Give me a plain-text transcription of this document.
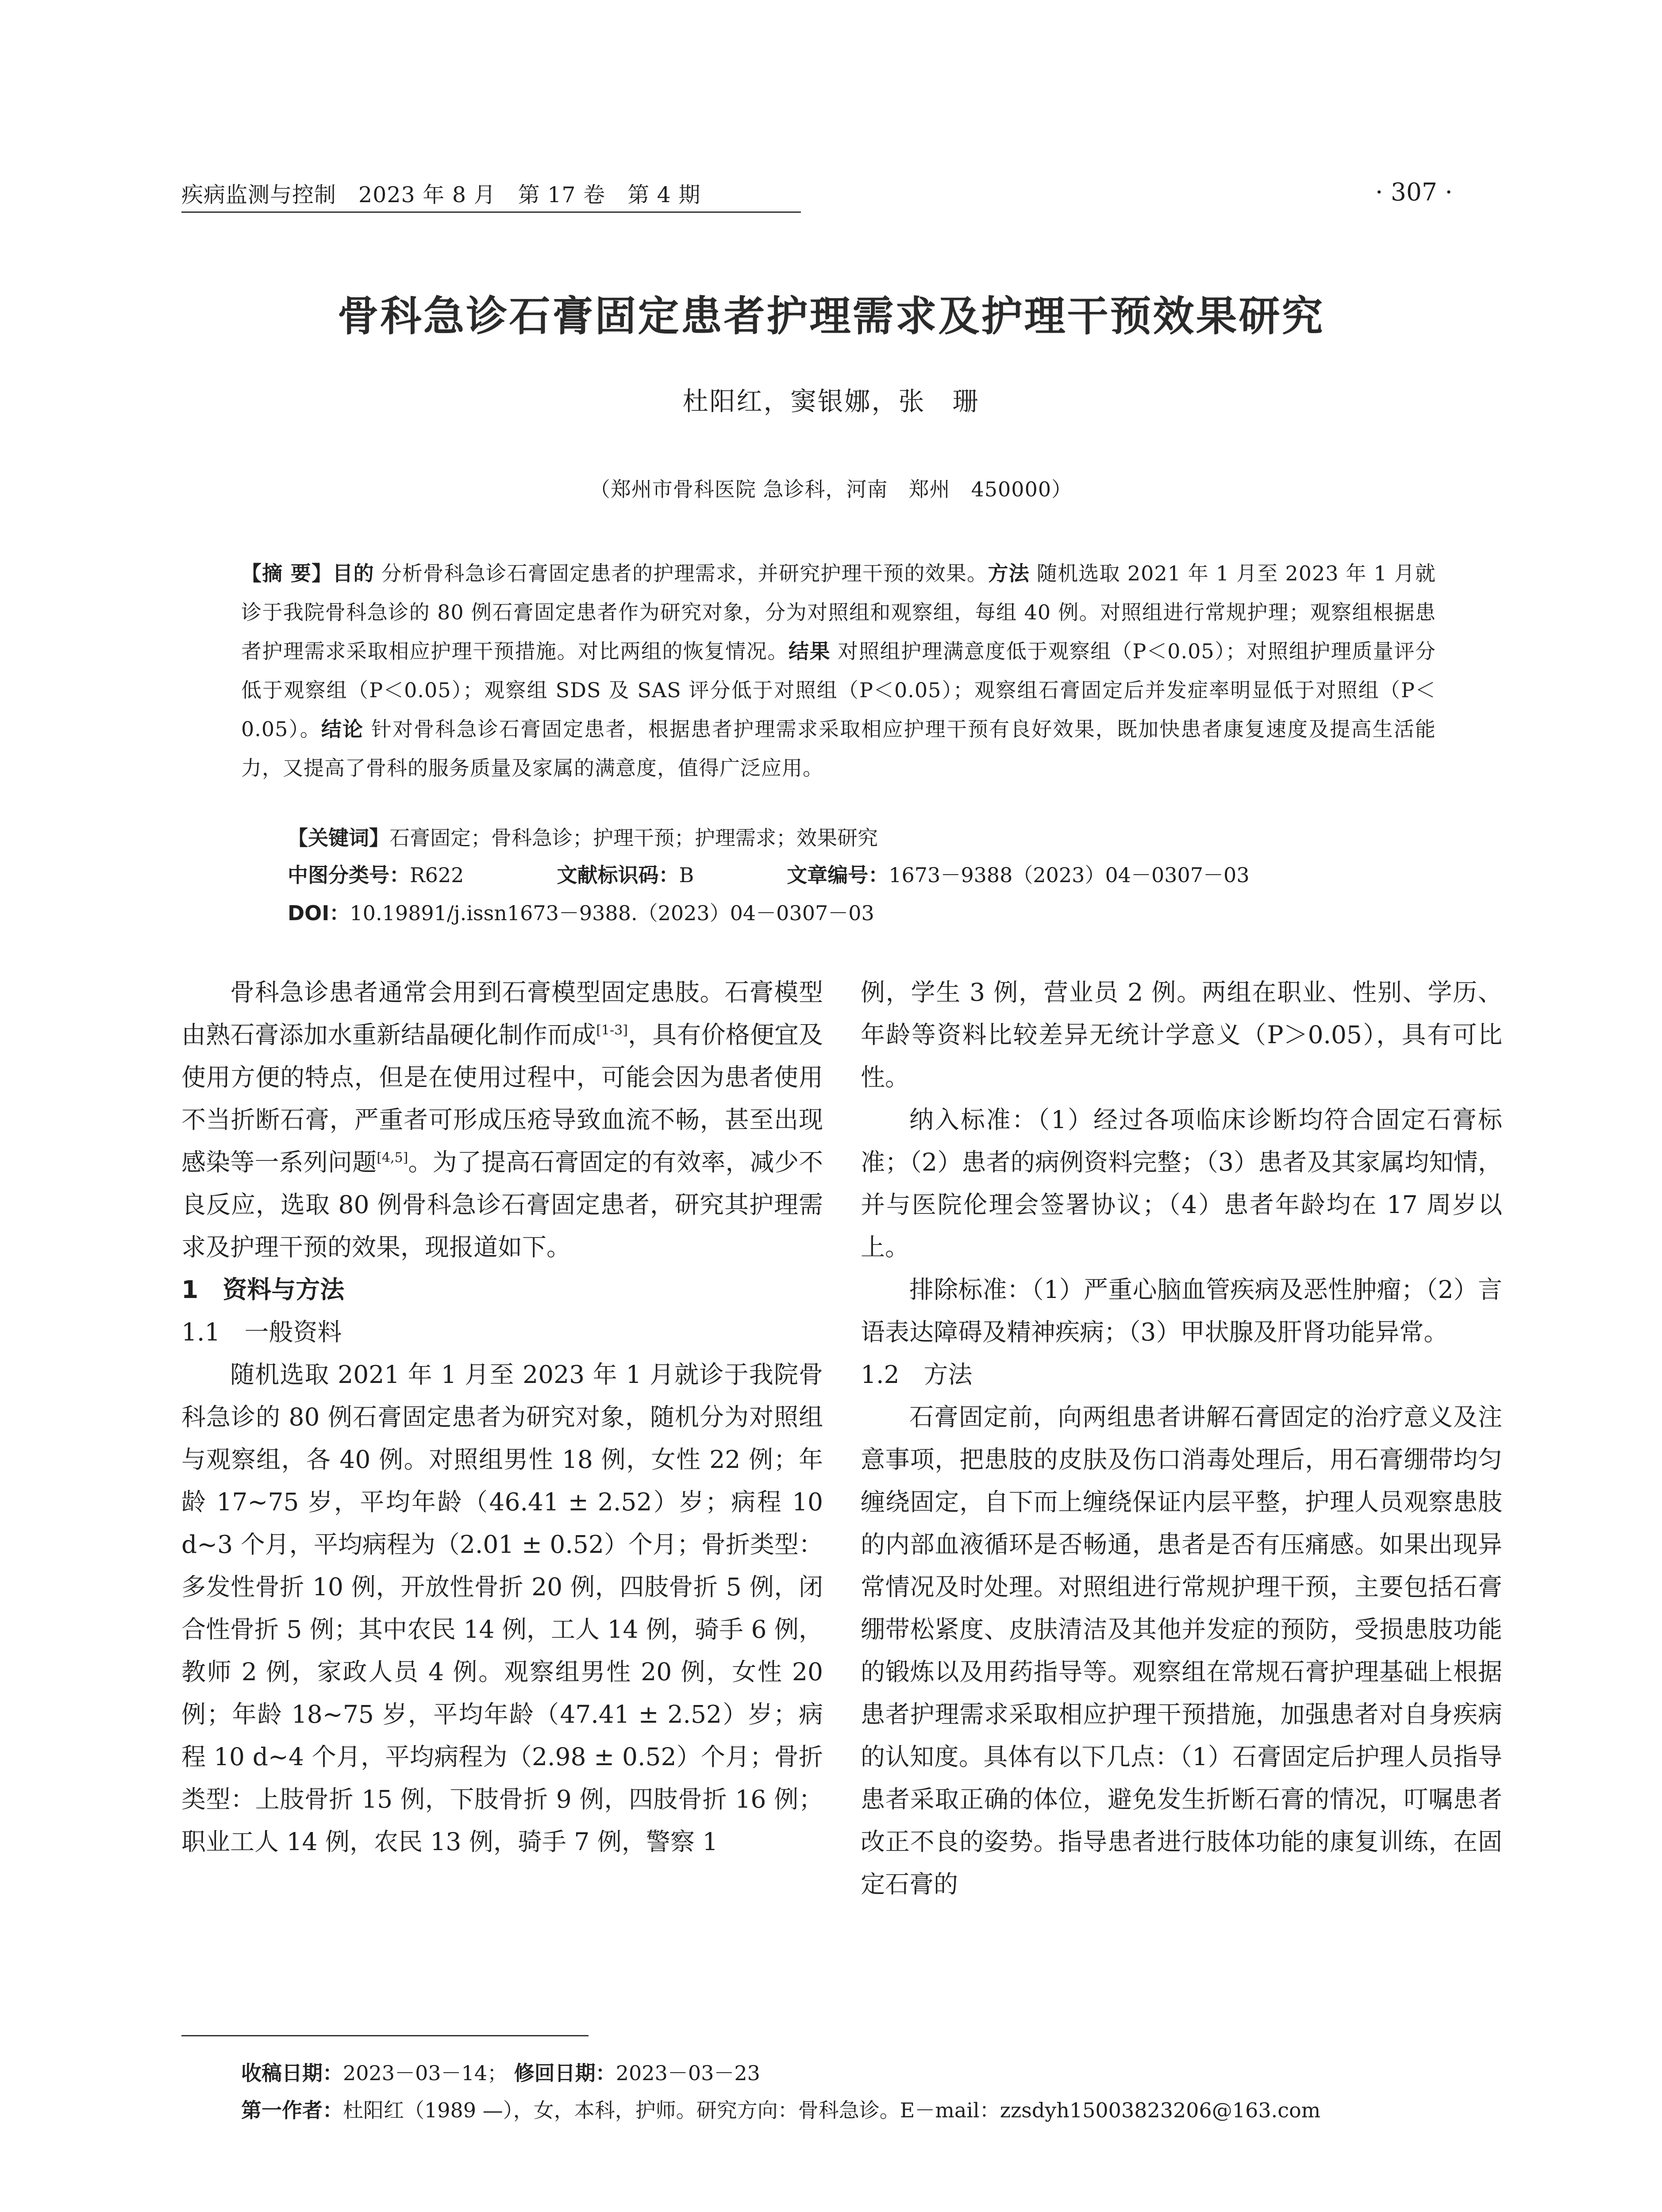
疾病监测与控制　2023 年 8 月　第 17 卷　第 4 期	· 307 ·
骨科急诊石膏固定患者护理需求及护理干预效果研究
杜阳红，窦银娜，张　珊
（郑州市骨科医院 急诊科，河南　郑州　450000）
【摘 要】目的 分析骨科急诊石膏固定患者的护理需求，并研究护理干预的效果。方法 随机选取 2021 年 1 月至 2023 年 1 月就诊于我院骨科急诊的 80 例石膏固定患者作为研究对象，分为对照组和观察组，每组 40 例。对照组进行常规护理；观察组根据患者护理需求采取相应护理干预措施。对比两组的恢复情况。结果 对照组护理满意度低于观察组（P＜0.05）；对照组护理质量评分低于观察组（P＜0.05）；观察组 SDS 及 SAS 评分低于对照组（P＜0.05）；观察组石膏固定后并发症率明显低于对照组（P＜0.05）。结论 针对骨科急诊石膏固定患者，根据患者护理需求采取相应护理干预有良好效果，既加快患者康复速度及提高生活能力，又提高了骨科的服务质量及家属的满意度，值得广泛应用。
【关键词】石膏固定；骨科急诊；护理干预；护理需求；效果研究
中图分类号：R622	文献标识码：B	文章编号：1673－9388（2023）04－0307－03
DOI：10.19891/j.issn1673－9388.（2023）04－0307－03

骨科急诊患者通常会用到石膏模型固定患肢。石膏模型由熟石膏添加水重新结晶硬化制作而成[1-3]，具有价格便宜及使用方便的特点，但是在使用过程中，可能会因为患者使用不当折断石膏，严重者可形成压疮导致血流不畅，甚至出现感染等一系列问题[4,5]。为了提高石膏固定的有效率，减少不良反应，选取 80 例骨科急诊石膏固定患者，研究其护理需求及护理干预的效果，现报道如下。

1　资料与方法

1.1　一般资料

随机选取 2021 年 1 月至 2023 年 1 月就诊于我院骨科急诊的 80 例石膏固定患者为研究对象，随机分为对照组与观察组，各 40 例。对照组男性 18 例，女性 22 例；年龄 17~75 岁，平均年龄（46.41 ± 2.52）岁；病程 10 d~3 个月，平均病程为（2.01 ± 0.52）个月；骨折类型：多发性骨折 10 例，开放性骨折 20 例，四肢骨折 5 例，闭合性骨折 5 例；其中农民 14 例，工人 14 例，骑手 6 例，教师 2 例，家政人员 4 例。观察组男性 20 例，女性 20 例；年龄 18~75 岁，平均年龄（47.41 ± 2.52）岁；病程 10 d~4 个月，平均病程为（2.98 ± 0.52）个月；骨折类型：上肢骨折 15 例，下肢骨折 9 例，四肢骨折 16 例；职业工人 14 例，农民 13 例，骑手 7 例，警察 1

例，学生 3 例，营业员 2 例。两组在职业、性别、学历、年龄等资料比较差异无统计学意义（P＞0.05），具有可比性。

纳入标准：（1）经过各项临床诊断均符合固定石膏标准；（2）患者的病例资料完整；（3）患者及其家属均知情，并与医院伦理会签署协议；（4）患者年龄均在 17 周岁以上。

排除标准：（1）严重心脑血管疾病及恶性肿瘤；（2）言语表达障碍及精神疾病；（3）甲状腺及肝肾功能异常。

1.2　方法

石膏固定前，向两组患者讲解石膏固定的治疗意义及注意事项，把患肢的皮肤及伤口消毒处理后，用石膏绷带均匀缠绕固定，自下而上缠绕保证内层平整，护理人员观察患肢的内部血液循环是否畅通，患者是否有压痛感。如果出现异常情况及时处理。对照组进行常规护理干预，主要包括石膏绷带松紧度、皮肤清洁及其他并发症的预防，受损患肢功能的锻炼以及用药指导等。观察组在常规石膏护理基础上根据患者护理需求采取相应护理干预措施，加强患者对自身疾病的认知度。具体有以下几点：（1）石膏固定后护理人员指导患者采取正确的体位，避免发生折断石膏的情况，叮嘱患者改正不良的姿势。指导患者进行肢体功能的康复训练，在固定石膏的

收稿日期：2023－03－14； 修回日期：2023－03－23
第一作者：杜阳红（1989 —），女，本科，护师。研究方向：骨科急诊。E－mail：zzsdyh15003823206@163.com
